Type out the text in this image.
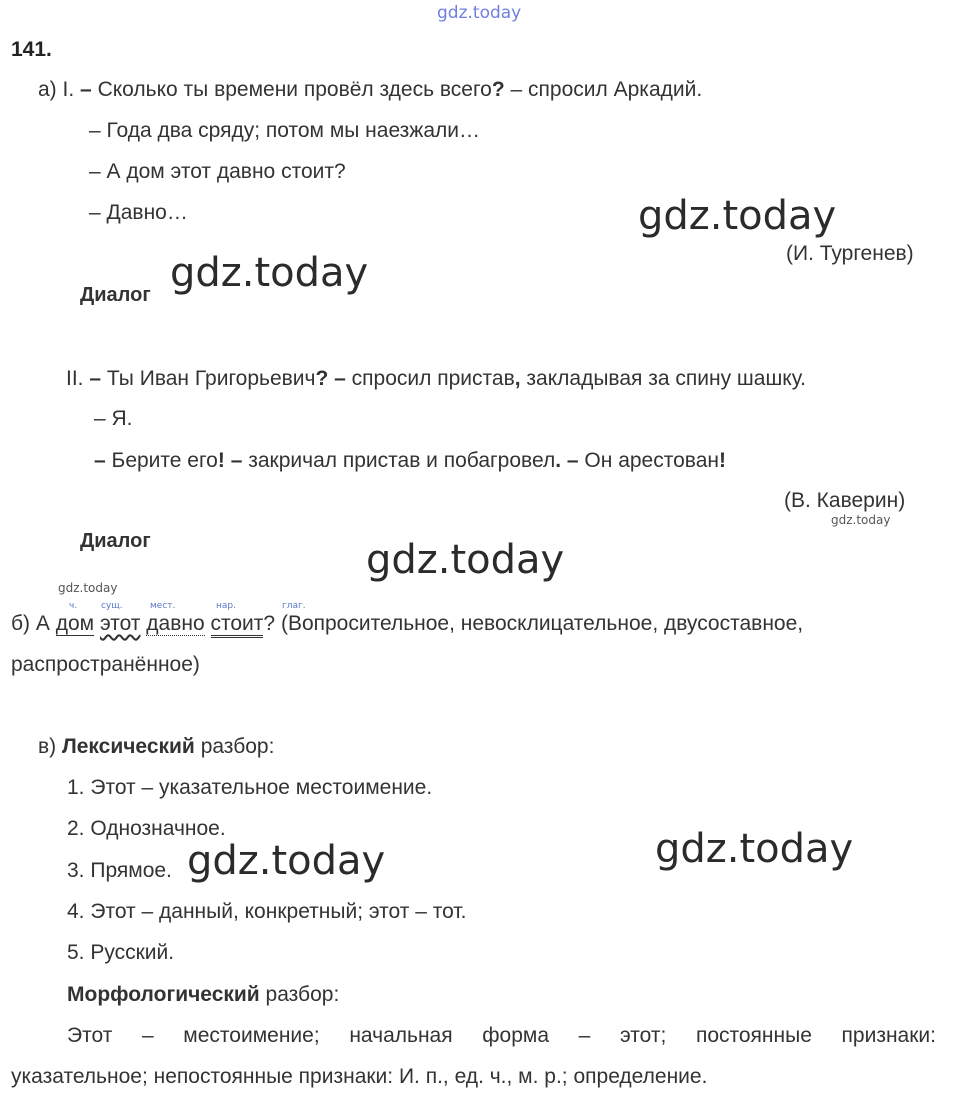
gdz.today
141.
а) I. – Сколько ты времени провёл здесь всего? – спросил Аркадий.
– Года два сряду; потом мы наезжали…
– А дом этот давно стоит?
– Давно…	gdz.today
(И. Тургенев)
Диалог gdz.today
II. – Ты Иван Григорьевич? – спросил пристав, закладывая за спину шашку.
– Я.
– Берите его! – закричал пристав и побагровел. – Он арестован!
(В. Каверин)
gdz.today
Диалог	gdz.today
gdz.today
ч.	сущ.	мест.	нар.	глаг.
б) А дом этот давно стоит? (Вопросительное, невосклицательное, двусоставное,
распространённое)
в) Лексический разбор:
1. Этот – указательное местоимение.
2. Однозначное.
3. Прямое.
4. Этот – данный, конкретный; этот – тот.
5. Русский.
gdz.today
gdz.today
Морфологический разбор:
Этот – местоимение; начальная форма – этот; постоянные признаки:
указательное; непостоянные признаки: И. п., ед. ч., м. р.; определение.
